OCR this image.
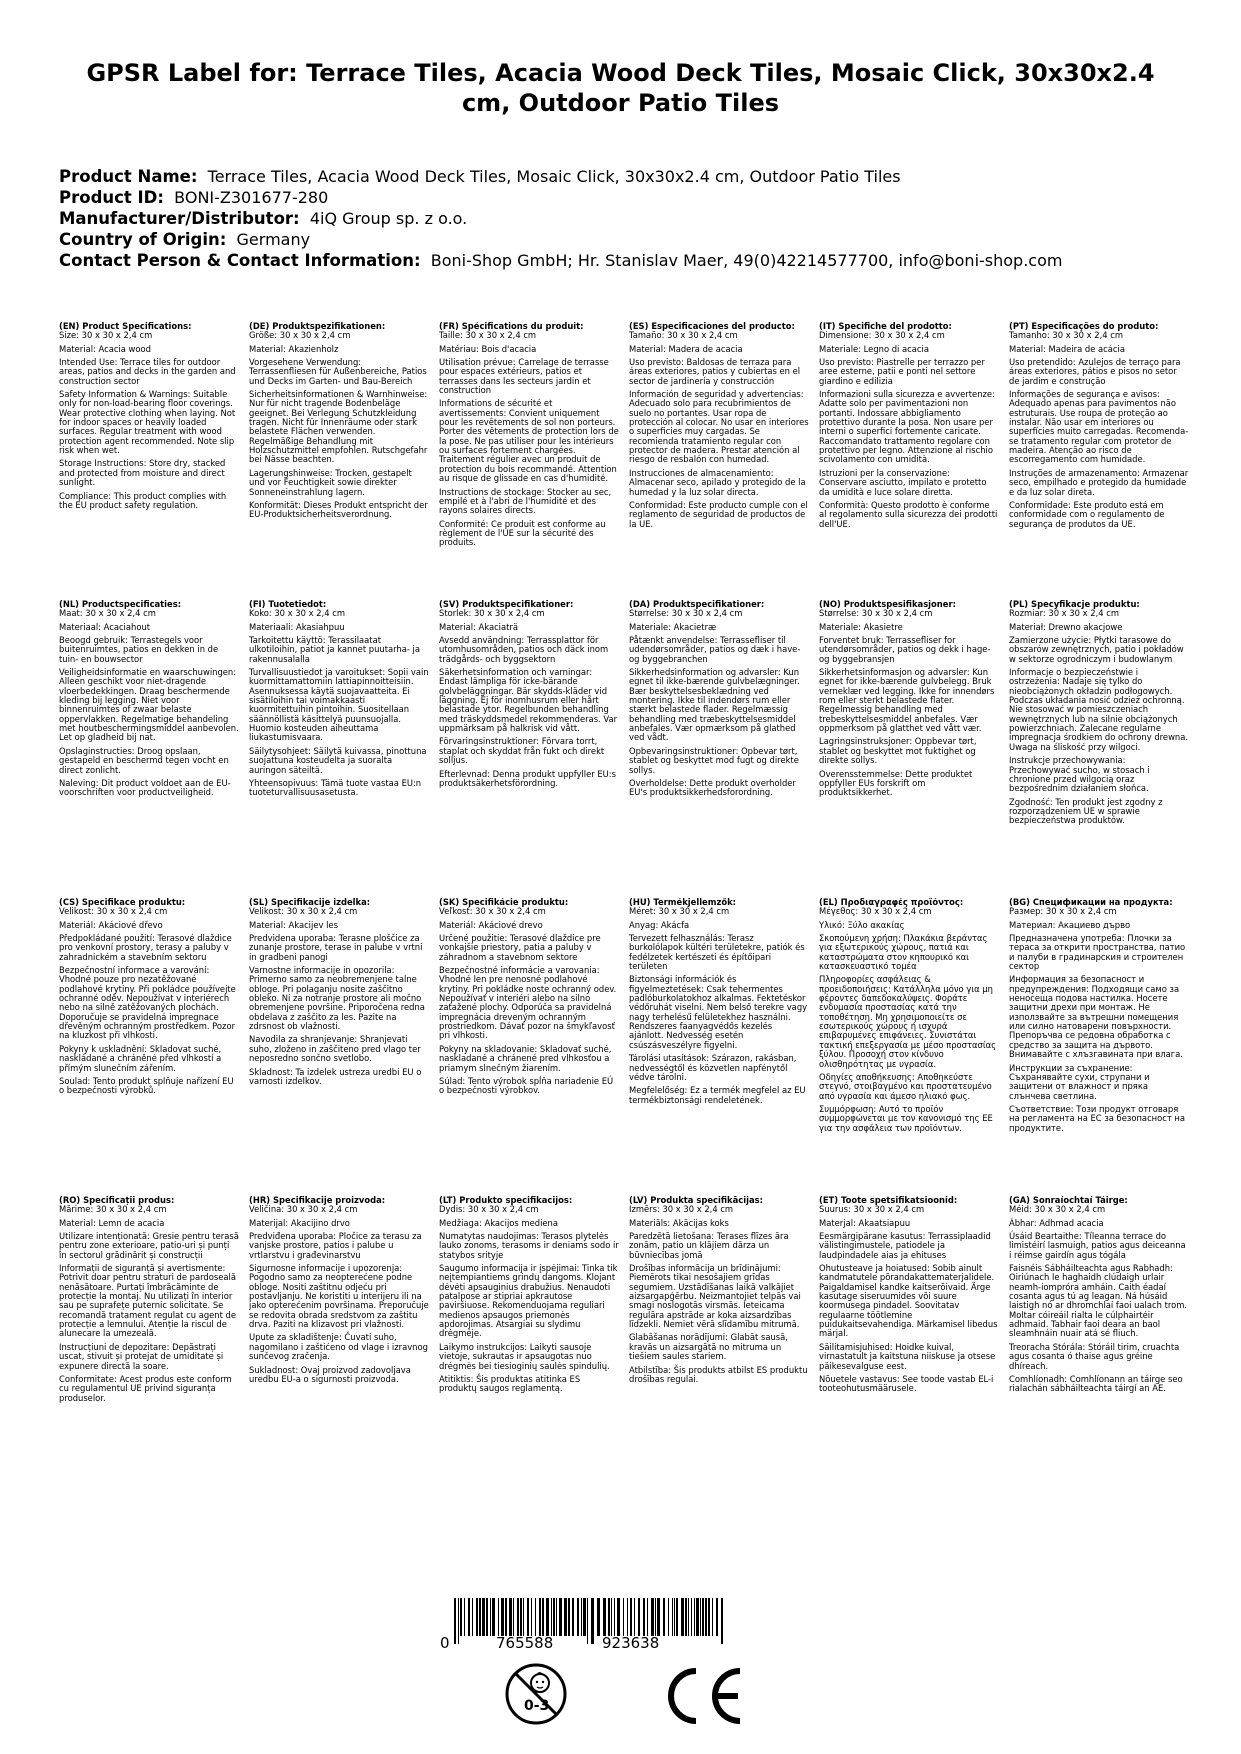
GPSR Label for: Terrace Tiles, Acacia Wood Deck Tiles, Mosaic Click, 30x30x2.4 cm, Outdoor Patio Tiles
Product Name: Terrace Tiles, Acacia Wood Deck Tiles, Mosaic Click, 30x30x2.4 cm, Outdoor Patio Tiles
Product ID: BONI-Z301677-280
Manufacturer/Distributor: 4iQ Group sp. z o.o.
Country of Origin: Germany
Contact Person & Contact Information: Boni-Shop GmbH; Hr. Stanislav Maer, 49(0)42214577700, info@boni-shop.com
(EN) Product Specifications:

Size: 30 x 30 x 2,4 cm

Material: Acacia wood

Intended Use: Terrace tiles for outdoor areas, patios and decks in the garden and construction sector

Safety Information & Warnings: Suitable only for non-load-bearing floor coverings. Wear protective clothing when laying. Not for indoor spaces or heavily loaded surfaces. Regular treatment with wood protection agent recommended. Note slip risk when wet.

Storage Instructions: Store dry, stacked and protected from moisture and direct sunlight.

Compliance: This product complies with the EU product safety regulation.

(DE) Produktspezifikationen:

Größe: 30 x 30 x 2,4 cm

Material: Akazienholz

Vorgesehene Verwendung: Terrassenfliesen für Außenbereiche, Patios und Decks im Garten- und Bau-Bereich

Sicherheitsinformationen & Warnhinweise: Nur für nicht tragende Bodenbeläge geeignet. Bei Verlegung Schutzkleidung tragen. Nicht für Innenräume oder stark belastete Flächen verwenden. Regelmäßige Behandlung mit Holzschutzmittel empfohlen. Rutschgefahr bei Nässe beachten.

Lagerungshinweise: Trocken, gestapelt und vor Feuchtigkeit sowie direkter Sonneneinstrahlung lagern.

Konformität: Dieses Produkt entspricht der EU-Produktsicherheitsverordnung.

(FR) Spécifications du produit:

Taille: 30 x 30 x 2,4 cm

Matériau: Bois d'acacia

Utilisation prévue: Carrelage de terrasse pour espaces extérieurs, patios et terrasses dans les secteurs jardin et construction

Informations de sécurité et avertissements: Convient uniquement pour les revêtements de sol non porteurs. Porter des vêtements de protection lors de la pose. Ne pas utiliser pour les intérieurs ou surfaces fortement chargées. Traitement régulier avec un produit de protection du bois recommandé. Attention au risque de glissade en cas d'humidité.

Instructions de stockage: Stocker au sec, empilé et à l'abri de l'humidité et des rayons solaires directs.

Conformité: Ce produit est conforme au règlement de l'UE sur la sécurité des produits.

(ES) Especificaciones del producto:

Tamaño: 30 x 30 x 2,4 cm

Material: Madera de acacia

Uso previsto: Baldosas de terraza para áreas exteriores, patios y cubiertas en el sector de jardinería y construcción

Información de seguridad y advertencias: Adecuado solo para recubrimientos de suelo no portantes. Usar ropa de protección al colocar. No usar en interiores o superficies muy cargadas. Se recomienda tratamiento regular con protector de madera. Prestar atención al riesgo de resbalón con humedad.

Instrucciones de almacenamiento: Almacenar seco, apilado y protegido de la humedad y la luz solar directa.

Conformidad: Este producto cumple con el reglamento de seguridad de productos de la UE.

(IT) Specifiche del prodotto:

Dimensione: 30 x 30 x 2,4 cm

Materiale: Legno di acacia

Uso previsto: Piastrelle per terrazzo per aree esterne, patii e ponti nel settore giardino e edilizia

Informazioni sulla sicurezza e avvertenze: Adatte solo per pavimentazioni non portanti. Indossare abbigliamento protettivo durante la posa. Non usare per interni o superfici fortemente caricate. Raccomandato trattamento regolare con protettivo per legno. Attenzione al rischio scivolamento con umidità.

Istruzioni per la conservazione: Conservare asciutto, impilato e protetto da umidità e luce solare diretta.

Conformità: Questo prodotto è conforme al regolamento sulla sicurezza dei prodotti dell'UE.

(PT) Especificações do produto:

Tamanho: 30 x 30 x 2,4 cm

Material: Madeira de acácia

Uso pretendido: Azulejos de terraço para áreas exteriores, pátios e pisos no setor de jardim e construção

Informações de segurança e avisos: Adequado apenas para pavimentos não estruturais. Use roupa de proteção ao instalar. Não usar em interiores ou superfícies muito carregadas. Recomenda-se tratamento regular com protetor de madeira. Atenção ao risco de escorregamento com humidade.

Instruções de armazenamento: Armazenar seco, empilhado e protegido da humidade e da luz solar direta.

Conformidade: Este produto está em conformidade com o regulamento de segurança de produtos da UE.

(NL) Productspecificaties:

Maat: 30 x 30 x 2,4 cm

Materiaal: Acaciahout

Beoogd gebruik: Terrastegels voor buitenruimtes, patios en dekken in de tuin- en bouwsector

Veiligheidsinformatie en waarschuwingen: Alleen geschikt voor niet-dragende vloerbedekkingen. Draag beschermende kleding bij legging. Niet voor binnenruimtes of zwaar belaste oppervlakken. Regelmatige behandeling met houtbeschermingsmiddel aanbevolen. Let op gladheid bij nat.

Opslaginstructies: Droog opslaan, gestapeld en beschermd tegen vocht en direct zonlicht.

Naleving: Dit product voldoet aan de EU-voorschriften voor productveiligheid.

(FI) Tuotetiedot:

Koko: 30 x 30 x 2,4 cm

Materiaali: Akasiahpuu

Tarkoitettu käyttö: Terassilaatat ulkotiloihin, patiot ja kannet puutarha- ja rakennusalalla

Turvallisuustiedot ja varoitukset: Sopii vain kuormittamattomiin lattiapinnoitteisiin. Asennuksessa käytä suojavaatteita. Ei sisätiloihin tai voimakkaasti kuormitettuihin pintoihin. Suositellaan säännöllistä käsittelyä puunsuojalla. Huomio kosteuden aiheuttama liukastumisvaara.

Säilytysohjeet: Säilytä kuivassa, pinottuna suojattuna kosteudelta ja suoralta auringon säteiltä.

Yhteensopivuus: Tämä tuote vastaa EU:n tuoteturvallisuusasetusta.

(SV) Produktspecifikationer:

Storlek: 30 x 30 x 2,4 cm

Material: Akaciaträ

Avsedd användning: Terrassplattor för utomhusområden, patios och däck inom trädgårds- och byggsektorn

Säkerhetsinformation och varningar: Endast lämpliga för icke-bärande golvbeläggningar. Bär skydds-kläder vid läggning. Ej för inomhusrum eller hårt belastade ytor. Regelbunden behandling med träskyddsmedel rekommenderas. Var uppmärksam på halkrisk vid vått.

Förvaringsinstruktioner: Förvara torrt, staplat och skyddat från fukt och direkt solljus.

Efterlevnad: Denna produkt uppfyller EU:s produktsäkerhetsförordning.

(DA) Produktspecifikationer:

Størrelse: 30 x 30 x 2,4 cm

Materiale: Akacietræ

Påtænkt anvendelse: Terrasseﬂiser til udendørsområder, patios og dæk i have- og byggebranchen

Sikkerhedsinformation og advarsler: Kun egnet til ikke-bærende gulvbelægninger. Bær beskyttelsesbeklædning ved montering. Ikke til indendørs rum eller stærkt belastede ﬂader. Regelmæssig behandling med træbeskyttelsesmiddel anbefales. Vær opmærksom på glathed ved vådt.

Opbevaringsinstruktioner: Opbevar tørt, stablet og beskyttet mod fugt og direkte sollys.

Overholdelse: Dette produkt overholder EU's produktsikkerhedsforordning.

(NO) Produktspesifikasjoner:

Størrelse: 30 x 30 x 2,4 cm

Materiale: Akasietre

Forventet bruk: Terrasseﬂiser for utendørsområder, patios og dekk i hage- og byggebransjen

Sikkerhetsinformasjon og advarsler: Kun egnet for ikke-bærende gulvbelegg. Bruk verneklær ved legging. Ikke for innendørs rom eller sterkt belastede ﬂater. Regelmessig behandling med trebeskyttelsesmiddel anbefales. Vær oppmerksom på glatthet ved vått vær.

Lagringsinstruksjoner: Oppbevar tørt, stablet og beskyttet mot fuktighet og direkte sollys.

Overensstemmelse: Dette produktet oppfyller EUs forskrift om produktsikkerhet.

(PL) Specyfikacje produktu:

Rozmiar: 30 x 30 x 2,4 cm

Materiał: Drewno akacjowe

Zamierzone użycie: Płytki tarasowe do obszarów zewnętrznych, patio i pokładów w sektorze ogrodniczym i budowlanym

Informacje o bezpieczeństwie i ostrzeżenia: Nadaje się tylko do nieobciążonych okładzin podłogowych. Podczas układania nosić odzież ochronną. Nie stosować w pomieszczeniach wewnętrznych lub na silnie obciążonych powierzchniach. Zalecane regularne impregnacja środkiem do ochrony drewna. Uwaga na śliskość przy wilgoci.

Instrukcje przechowywania: Przechowywać sucho, w stosach i chronione przed wilgocią oraz bezpośrednim działaniem słońca.

Zgodność: Ten produkt jest zgodny z rozporządzeniem UE w sprawie bezpieczeństwa produktów.

(CS) Specifikace produktu:

Velikost: 30 x 30 x 2,4 cm

Materiál: Akáciové dřevo

Předpokládané použití: Terasové dlaždice pro venkovní prostory, terasy a paluby v zahradnickém a stavebním sektoru

Bezpečnostní informace a varování: Vhodné pouze pro nezatěžované podlahové krytiny. Při pokládce používejte ochranné oděv. Nepoužívat v interiérech nebo na silně zatěžovaných plochách. Doporučuje se pravidelná impregnace dřevěným ochranným prostředkem. Pozor na kluzkost při vlhkosti.

Pokyny k uskladnění: Skladovat suché, naskládané a chráněné před vlhkostí a přímým slunečním zářením.

Soulad: Tento produkt splňuje nařízení EU o bezpečnosti výrobků.

(SL) Specifikacije izdelka:

Velikost: 30 x 30 x 2,4 cm

Material: Akacijev les

Predvidena uporaba: Terasne ploščice za zunanje prostore, terase in palube v vrtni in gradbeni panogi

Varnostne informacije in opozorila: Primerno samo za neobremenjene talne obloge. Pri polaganju nosite zaščitno obleko. Ni za notranje prostore ali močno obremenjene površine. Priporočena redna obdelava z zaščito za les. Pazite na zdrsnost ob vlažnosti.

Navodila za shranjevanje: Shranjevati suho, zloženo in zaščiteno pred vlago ter neposredno sončno svetlobo.

Skladnost: Ta izdelek ustreza uredbi EU o varnosti izdelkov.

(SK) Špecifikácie produktu:

Veľkosť: 30 x 30 x 2,4 cm

Materiál: Akáciové drevo

Určené použitie: Terasové dlaždice pre vonkajšie priestory, patia a paluby v záhradnom a stavebnom sektore

Bezpečnostné informácie a varovania: Vhodné len pre nenosné podlahové krytiny. Pri pokládke noste ochranný odev. Nepoužívať v interiéri alebo na silno zaťažené plochy. Odporúča sa pravidelná impregnácia dreveným ochranným prostriedkom. Dávať pozor na šmykľavosť pri vlhkosti.

Pokyny na skladovanie: Skladovať suché, naskladané a chránené pred vlhkosťou a priamym slnečným žiarením.

Súlad: Tento výrobok spĺňa nariadenie EÚ o bezpečnosti výrobkov.

(HU) Termékjellemzők:

Méret: 30 x 30 x 2,4 cm

Anyag: Akácfa

Tervezett felhasználás: Terasz burkolólapok kültéri területekre, patiók és fedélzetek kertészeti és építőipari területen

Biztonsági információk és figyelmeztetések: Csak tehermentes padlóburkolatokhoz alkalmas. Fektetéskor védőruhát viselni. Nem belső terekre vagy nagy terhelésű felületekhez használni. Rendszeres faanyagvédős kezelés ajánlott. Nedvesség esetén csúszásveszélyre figyelni.

Tárolási utasítások: Szárazon, rakásban, nedvességtől és közvetlen napfénytől védve tárolni.

Megfelelőség: Ez a termék megfelel az EU termékbiztonsági rendeletének.

(EL) Προδιαγραφές προϊόντος:

Μέγεθος: 30 x 30 x 2,4 cm

Υλικό: Ξύλο ακακίας

Σκοπούμενη χρήση: Πλακάκια βεράντας για εξωτερικούς χώρους, πατιά και καταστρώματα στον κηπουρικό και κατασκευαστικό τομέα

Πληροφορίες ασφάλειας & προειδοποιήσεις: Κατάλληλα μόνο για μη φέροντες δαπεδοκαλύψεις. Φοράτε ενδυμασία προστασίας κατά την τοποθέτηση. Μη χρησιμοποιείτε σε εσωτερικούς χώρους ή ισχυρά επιβαρυμένες επιφάνειες. Συνιστάται τακτική επεξεργασία με μέσο προστασίας ξύλου. Προσοχή στον κίνδυνο ολισθηρότητας με υγρασία.

Οδηγίες αποθήκευσης: Αποθηκεύστε στεγνό, στοιβαγμένο και προστατευμένο από υγρασία και άμεσο ηλιακό φως.

Συμμόρφωση: Αυτό το προϊόν συμμορφώνεται με τον κανονισμό της ΕΕ για την ασφάλεια των προϊόντων.

(BG) Спецификации на продукта:

Размер: 30 x 30 x 2,4 cm

Материал: Акациево дърво

Предназначена употреба: Плочки за тераса за открити пространства, патио и палуби в градинарския и строителен сектор

Информация за безопасност и предупреждения: Подходящи само за неносеща подова настилка. Носете защитни дрехи при монтаж. Не използвайте за вътрешни помещения или силно натоварени повърхности. Препоръчва се редовна обработка с средство за защита на дървото. Внимавайте с хлъзгавината при влага.

Инструкции за съхранение: Съхранявайте сухи, струпани и защитени от влажност и пряка слънчева светлина.

Съответствие: Този продукт отговаря на регламента на ЕС за безопасност на продуктите.

(RO) Specificații produs:

Mărime: 30 x 30 x 2,4 cm

Material: Lemn de acacia

Utilizare intenționată: Gresie pentru terasă pentru zone exterioare, patio-uri și punți în sectorul grădinărit și construcții

Informații de siguranță și avertismente: Potrivit doar pentru straturi de pardoseală nenăsătoare. Purtați îmbrăcăminte de protecție la montaj. Nu utilizați în interior sau pe suprafețe puternic solicitate. Se recomandă tratament regulat cu agent de protecție a lemnului. Atenție la riscul de alunecare la umezeală.

Instrucțiuni de depozitare: Depăstrați uscat, stivuit și protejat de umiditate și expunere directă la soare.

Conformitate: Acest produs este conform cu regulamentul UE privind siguranța produselor.

(HR) Specifikacije proizvoda:

Veličina: 30 x 30 x 2,4 cm

Materijal: Akacijino drvo

Predviđena uporaba: Pločice za terasu za vanjske prostore, patios i palube u vrtlarstvu i građevinarstvu

Sigurnosne informacije i upozorenja: Pogodno samo za neopterećene podne obloge. Nositi zaštitnu odjeću pri postavljanju. Ne koristiti u interijeru ili na jako opterećenim površinama. Preporučuje se redovita obrada sredstvom za zaštitu drva. Paziti na klizavost pri vlažnosti.

Upute za skladištenje: Čuvati suho, nagomilano i zaštićeno od vlage i izravnog sunčevog zračenja.

Sukladnost: Ovaj proizvod zadovoljava uredbu EU-a o sigurnosti proizvoda.

(LT) Produkto specifikacijos:

Dydis: 30 x 30 x 2,4 cm

Medžiaga: Akacijos mediena

Numatytas naudojimas: Terasos plytelės lauko zonoms, terasoms ir deniams sodo ir statybos srityje

Saugumo informacija ir įspėjimai: Tinka tik neįtempiantiems grindų dangoms. Klojant dėvėti apsauginius drabužius. Nenaudoti patalpose ar stipriai apkrautose paviršiuose. Rekomenduojama reguliari medienos apsaugos priemonės apdorojimas. Atsargiai su slydimu drėgmėje.

Laikymo instrukcijos: Laikyti sausoje vietoje, sukrautas ir apsaugotas nuo drėgmės bei tiesioginių saulės spindulių.

Atitiktis: Šis produktas atitinka ES produktų saugos reglamentą.

(LV) Produkta specifikācijas:

Izmērs: 30 x 30 x 2,4 cm

Materiāls: Akācijas koks

Paredzētā lietošana: Terases flīzes āra zonām, patio un klājiem dārza un būvniecības jomā

Drošības informācija un brīdinājumi: Piemērots tikai nesošajiem grīdas segumiem. Uzstādīšanas laikā valkājiet aizsargapģērbu. Neizmantojiet telpās vai smagi noslogotās virsmās. Ieteicama regulāra apstrāde ar koka aizsardzības līdzekli. Nemiet vērā slīdamību mitrumā.

Glabāšanas norādījumi: Glabāt sausā, kravās un aizsargātā no mitruma un tiešiem saules stariem.

Atbilstība: Šis produkts atbilst ES produktu drošības regulai.

(ET) Toote spetsifikatsioonid:

Suurus: 30 x 30 x 2,4 cm

Materjal: Akaatsiapuu

Eesmärgipärane kasutus: Terrassiplaadid välistingimustele, patiodele ja laudpindadele aias ja ehituses

Ohutusteave ja hoiatused: Sobib ainult kandmatutele põrandakattematerjalidele. Paigaldamisel kandke kaitserõivaid. Ärge kasutage siseruumides või suure koormusega pindadel. Soovitatav regulaarne töötlemine puidukaitsevahendiga. Märkamisel libedus märjal.

Säilitamisjuhised: Hoidke kuival, virnastatult ja kaitstuna niiskuse ja otsese päikesevalguse eest.

Nõuetele vastavus: See toode vastab EL-i tooteohutusmäärusele.

(GA) Sonraíochtaí Táirge:

Méid: 30 x 30 x 2,4 cm

Ábhar: Adhmad acacia

Úsáid Beartaithe: Tíleanna terrace do limistéirí lasmuigh, patios agus deiceanna i réimse gairdín agus tógála

Faisnéis Sábháilteachta agus Rabhadh: Oiriúnach le haghaidh clúdaigh urlair neamh-iompróra amháin. Caith éadaí cosanta agus tú ag leagan. Ná húsáid laistigh nó ar dhromchlaí faoi ualach trom. Moltar cóireáil rialta le cúlphairtéir adhmaid. Tabhair faoi deara an baol sleamhnáin nuair atá sé fliuch.

Treoracha Stórála: Stóráil tirim, cruachta agus cosanta ó thaise agus gréine dhíreach.

Comhlíonadh: Comhlíonann an táirge seo rialachán sábháilteachta táirgí an AE.

0	765588	923638
0-3
